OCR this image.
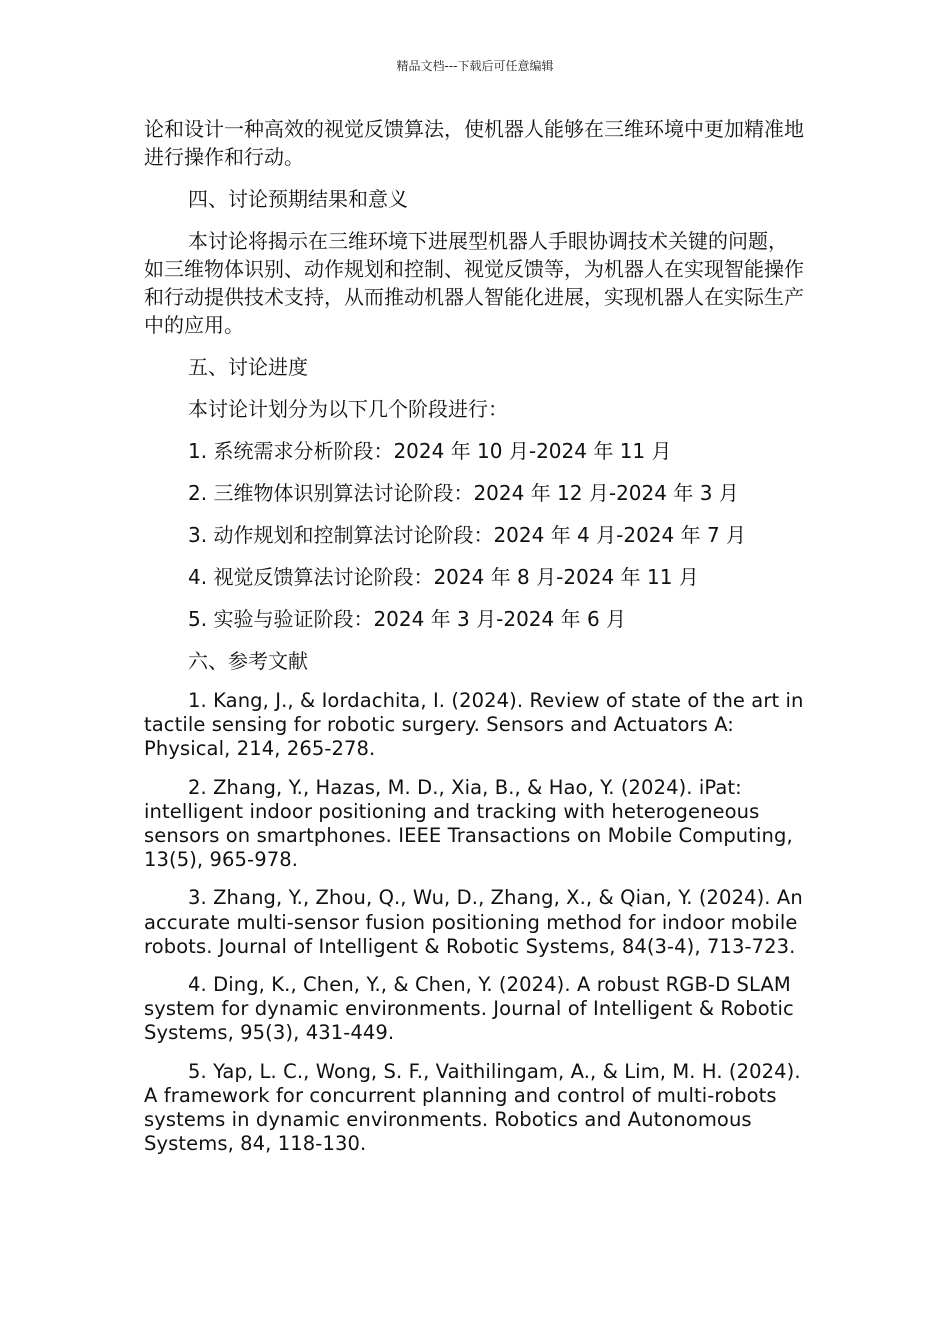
精品文档---下载后可任意编辑

论和设计一种高效的视觉反馈算法，使机器人能够在三维环境中更加精准地进行操作和行动。

四、讨论预期结果和意义

本讨论将揭示在三维环境下进展型机器人手眼协调技术关键的问题，如三维物体识别、动作规划和控制、视觉反馈等，为机器人在实现智能操作和行动提供技术支持，从而推动机器人智能化进展，实现机器人在实际生产中的应用。

五、讨论进度

本讨论计划分为以下几个阶段进行：

1. 系统需求分析阶段：2024 年 10 月-2024 年 11 月
2. 三维物体识别算法讨论阶段：2024 年 12 月-2024 年 3 月
3. 动作规划和控制算法讨论阶段：2024 年 4 月-2024 年 7 月
4. 视觉反馈算法讨论阶段：2024 年 8 月-2024 年 11 月
5. 实验与验证阶段：2024 年 3 月-2024 年 6 月

六、参考文献

1. Kang, J., & Iordachita, I. (2024). Review of state of the art in tactile sensing for robotic surgery. Sensors and Actuators A: Physical, 214, 265-278.
2. Zhang, Y., Hazas, M. D., Xia, B., & Hao, Y. (2024). iPat: intelligent indoor positioning and tracking with heterogeneous sensors on smartphones. IEEE Transactions on Mobile Computing, 13(5), 965-978.
3. Zhang, Y., Zhou, Q., Wu, D., Zhang, X., & Qian, Y. (2024). An accurate multi-sensor fusion positioning method for indoor mobile robots. Journal of Intelligent & Robotic Systems, 84(3-4), 713-723.
4. Ding, K., Chen, Y., & Chen, Y. (2024). A robust RGB-D SLAM system for dynamic environments. Journal of Intelligent & Robotic Systems, 95(3), 431-449.
5. Yap, L. C., Wong, S. F., Vaithilingam, A., & Lim, M. H. (2024). A framework for concurrent planning and control of multi-robots systems in dynamic environments. Robotics and Autonomous Systems, 84, 118-130.
